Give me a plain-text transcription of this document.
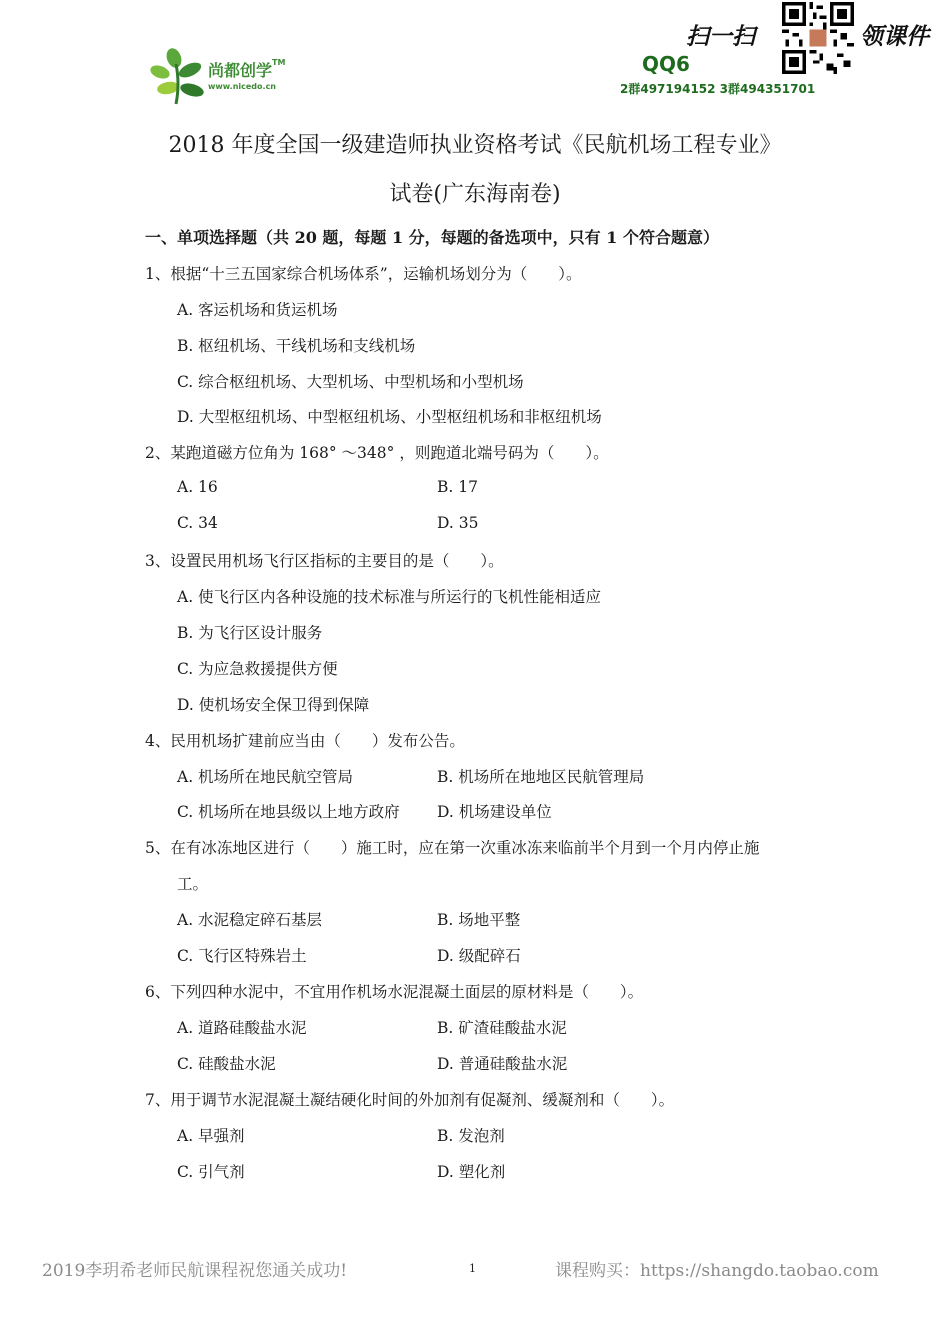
尚都创学™
www.nicedo.cn
扫一扫	领课件
QQ6
2群497194152 3群494351701
2018 年度全国一级建造师执业资格考试《民航机场工程专业》
试卷(广东海南卷)
一、单项选择题（共 20 题，每题 1 分，每题的备选项中，只有 1 个符合题意）
1、根据“十三五国家综合机场体系”，运输机场划分为（　　）。
A. 客运机场和货运机场
B. 枢纽机场、干线机场和支线机场
C. 综合枢纽机场、大型机场、中型机场和小型机场
D. 大型枢纽机场、中型枢纽机场、小型枢纽机场和非枢纽机场
2、某跑道磁方位角为 168° ～348° ，则跑道北端号码为（　　）。
A. 16	B. 17
C. 34	D. 35
3、设置民用机场飞行区指标的主要目的是（　　）。
A. 使飞行区内各种设施的技术标准与所运行的飞机性能相适应
B. 为飞行区设计服务
C. 为应急救援提供方便
D. 使机场安全保卫得到保障
4、民用机场扩建前应当由（　　）发布公告。
A. 机场所在地民航空管局	B. 机场所在地地区民航管理局
C. 机场所在地县级以上地方政府 D. 机场建设单位
5、在有冰冻地区进行（　　）施工时，应在第一次重冰冻来临前半个月到一个月内停止施
工。
A. 水泥稳定碎石基层	B. 场地平整
C. 飞行区特殊岩土	D. 级配碎石
6、下列四种水泥中，不宜用作机场水泥混凝土面层的原材料是（　　）。
A. 道路硅酸盐水泥	B. 矿渣硅酸盐水泥
C. 硅酸盐水泥	D. 普通硅酸盐水泥
7、用于调节水泥混凝土凝结硬化时间的外加剂有促凝剂、缓凝剂和（　　）。
A. 早强剂	B. 发泡剂
C. 引气剂	D. 塑化剂
2019李玥希老师民航课程祝您通关成功!	1	课程购买：https://shangdo.taobao.com
